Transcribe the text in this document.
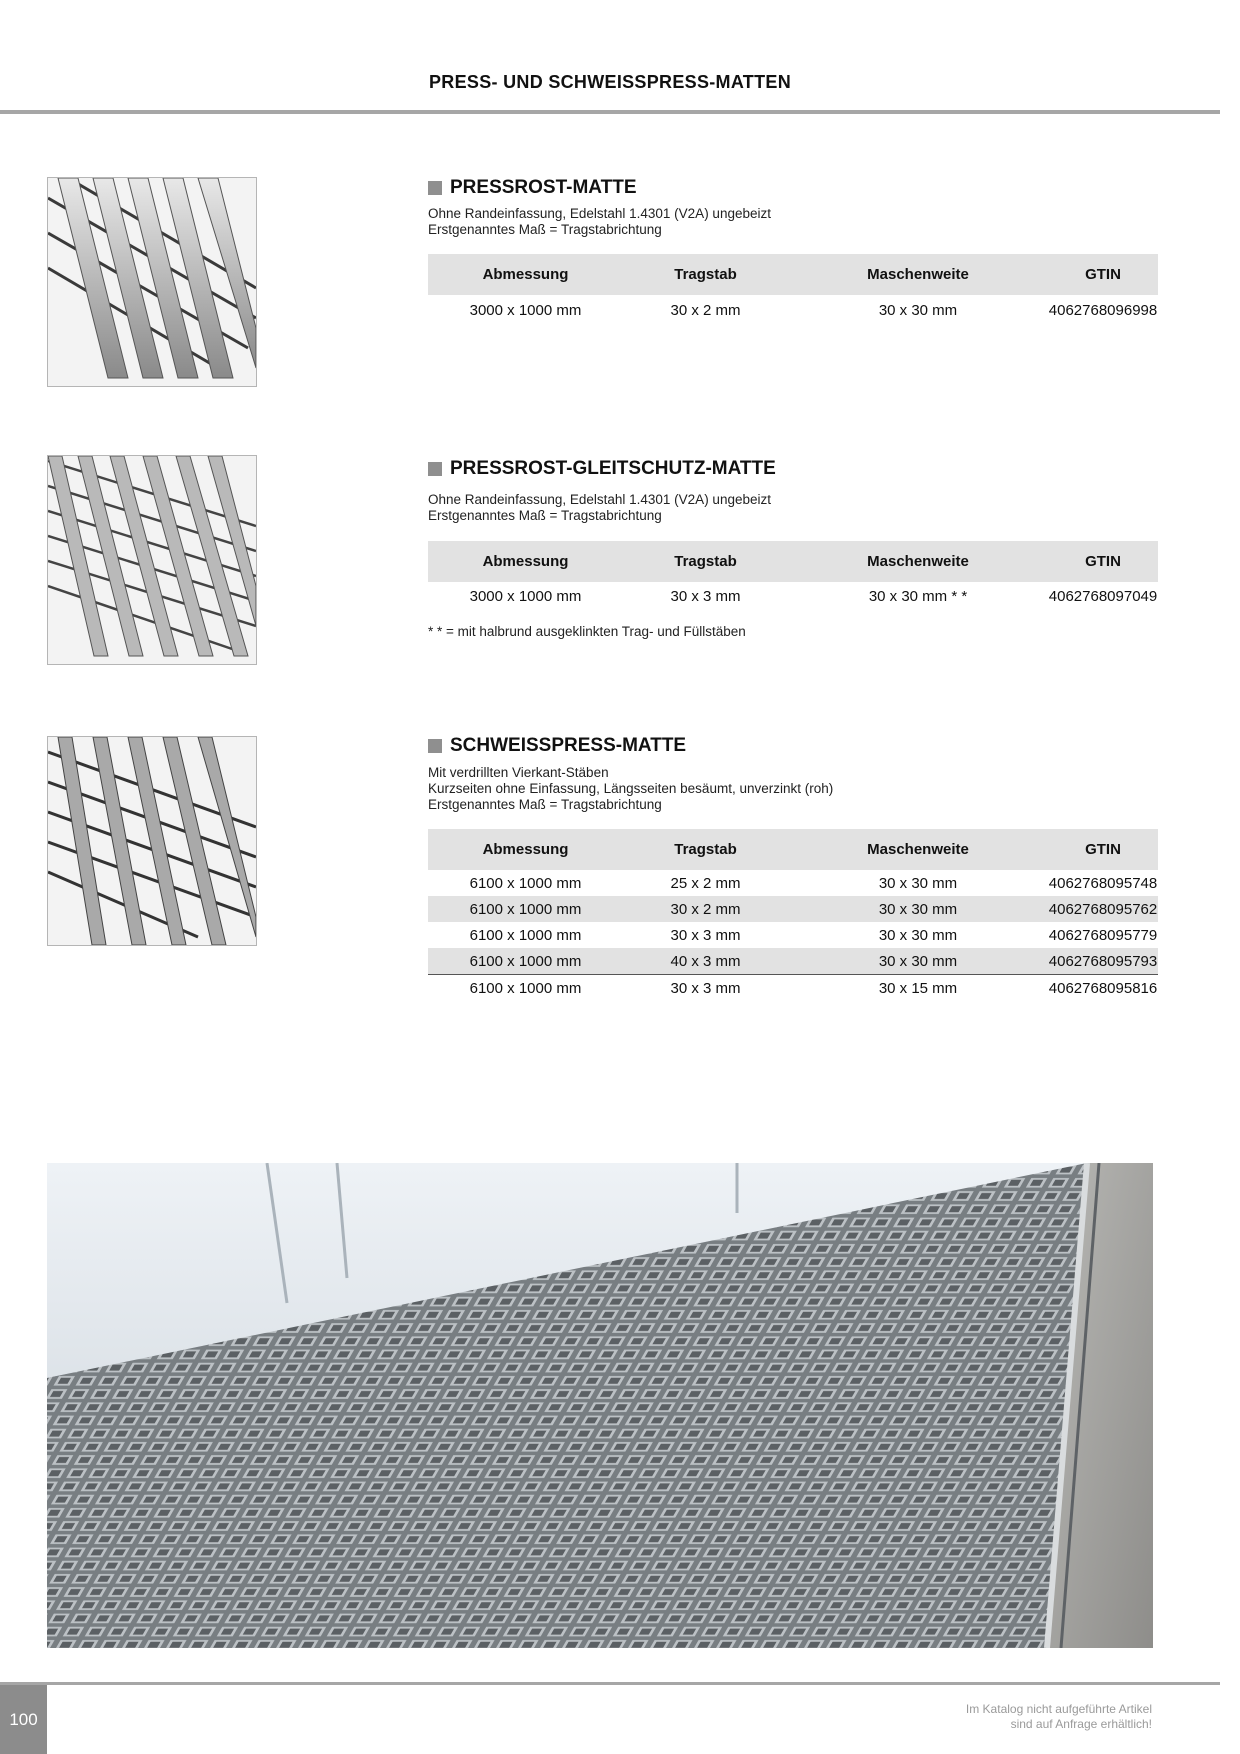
PRESS- UND SCHWEISSPRESS-MATTEN
PRESSROST-MATTE
Ohne Randeinfassung, Edelstahl 1.4301 (V2A) ungebeizt
Erstgenanntes Maß = Tragstabrichtung
Abmessung	Tragstab	Maschenweite	GTIN
3000 x 1000 mm	30 x 2 mm	30 x 30 mm	4062768096998
PRESSROST-GLEITSCHUTZ-MATTE
Ohne Randeinfassung, Edelstahl 1.4301 (V2A) ungebeizt
Erstgenanntes Maß = Tragstabrichtung
Abmessung	Tragstab	Maschenweite	GTIN
3000 x 1000 mm	30 x 3 mm	30 x 30 mm * *	4062768097049
* * = mit halbrund ausgeklinkten Trag- und Füllstäben
SCHWEISSPRESS-MATTE
Mit verdrillten Vierkant-Stäben
Kurzseiten ohne Einfassung, Längsseiten besäumt, unverzinkt (roh)
Erstgenanntes Maß = Tragstabrichtung
Abmessung	Tragstab	Maschenweite	GTIN
6100 x 1000 mm	25 x 2 mm	30 x 30 mm	4062768095748
6100 x 1000 mm	30 x 2 mm	30 x 30 mm	4062768095762
6100 x 1000 mm	30 x 3 mm	30 x 30 mm	4062768095779
6100 x 1000 mm	40 x 3 mm	30 x 30 mm	4062768095793
6100 x 1000 mm	30 x 3 mm	30 x 15 mm	4062768095816
100
Im Katalog nicht aufgeführte Artikel
sind auf Anfrage erhältlich!
